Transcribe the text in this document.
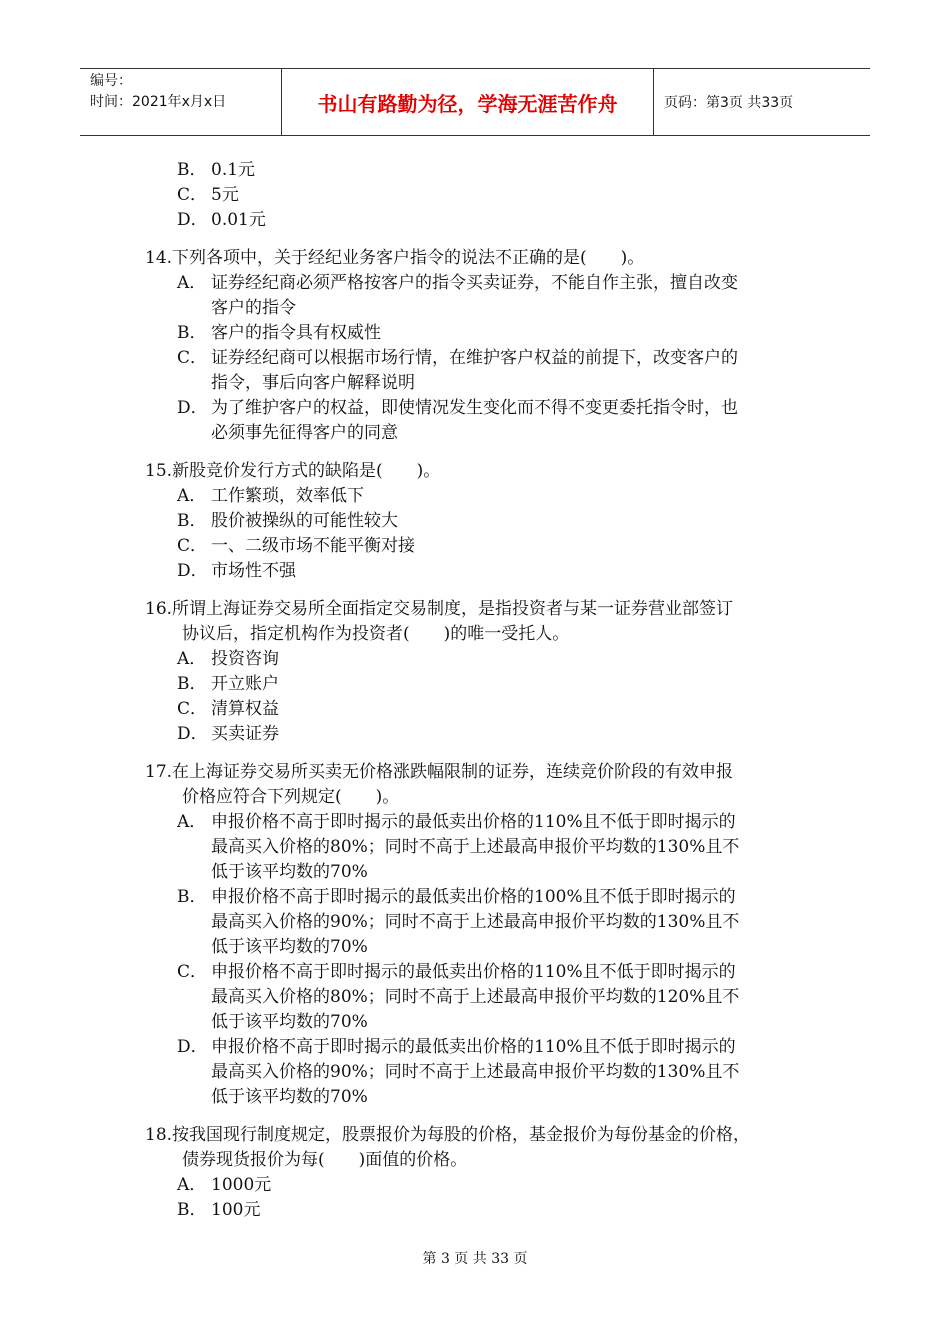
编号：
时间：2021年x月x日	书山有路勤为径，学海无涯苦作舟	页码：第3页 共33页
B． 0.1元
C． 5元
D． 0.01元
14. 下列各项中，关于经纪业务客户指令的说法不正确的是(　　)。
A． 证券经纪商必须严格按客户的指令买卖证券，不能自作主张，擅自改变
客户的指令
B． 客户的指令具有权威性
C． 证券经纪商可以根据市场行情，在维护客户权益的前提下，改变客户的
指令，事后向客户解释说明
D． 为了维护客户的权益，即使情况发生变化而不得不变更委托指令时，也
必须事先征得客户的同意
15. 新股竞价发行方式的缺陷是(　　)。
A． 工作繁琐，效率低下
B． 股价被操纵的可能性较大
C． 一、二级市场不能平衡对接
D． 市场性不强
16. 所谓上海证券交易所全面指定交易制度，是指投资者与某一证券营业部签订
协议后，指定机构作为投资者(　　)的唯一受托人。
A． 投资咨询
B． 开立账户
C． 清算权益
D． 买卖证券
17. 在上海证券交易所买卖无价格涨跌幅限制的证券，连续竞价阶段的有效申报
价格应符合下列规定(　　)。
A． 申报价格不高于即时揭示的最低卖出价格的110%且不低于即时揭示的
最高买入价格的80%；同时不高于上述最高申报价平均数的130%且不
低于该平均数的70%
B． 申报价格不高于即时揭示的最低卖出价格的100%且不低于即时揭示的
最高买入价格的90%；同时不高于上述最高申报价平均数的130%且不
低于该平均数的70%
C． 申报价格不高于即时揭示的最低卖出价格的110%且不低于即时揭示的
最高买入价格的80%；同时不高于上述最高申报价平均数的120%且不
低于该平均数的70%
D． 申报价格不高于即时揭示的最低卖出价格的110%且不低于即时揭示的
最高买入价格的90%；同时不高于上述最高申报价平均数的130%且不
低于该平均数的70%
18. 按我国现行制度规定，股票报价为每股的价格，基金报价为每份基金的价格，
债券现货报价为每(　　)面值的价格。
A． 1000元
B． 100元
第 3 页 共 33 页
